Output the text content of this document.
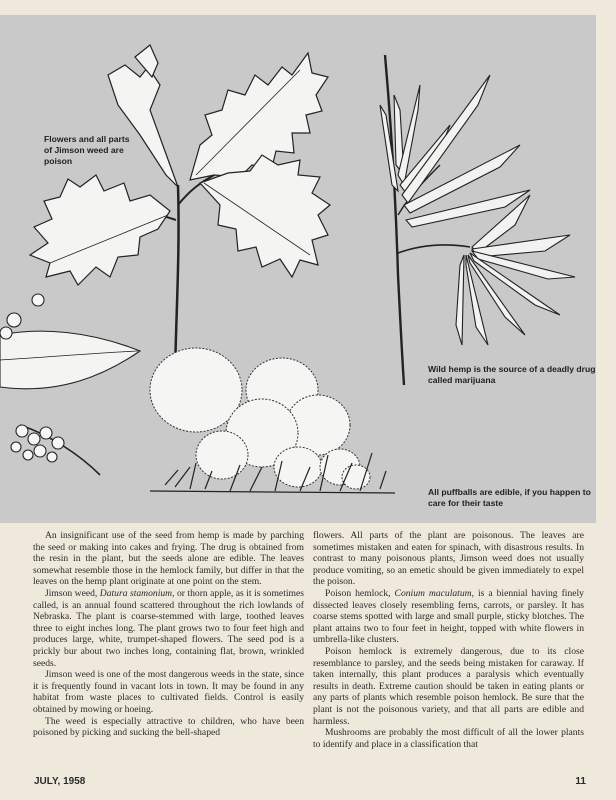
Flowers and all parts of Jimson weed are poison
Wild hemp is the source of a deadly drug called marijuana
All puffballs are edible, if you happen to care for their taste

An insignificant use of the seed from hemp is made by parching the seed or making into cakes and frying. The drug is obtained from the resin in the plant, but the seeds alone are edible. The leaves somewhat resemble those in the hemlock family, but differ in that the leaves on the hemp plant originate at one point on the stem.

Jimson weed, Datura stamonium, or thorn apple, as it is sometimes called, is an annual found scattered throughout the rich lowlands of Nebraska. The plant is coarse-stemmed with large, toothed leaves three to eight inches long. The plant grows two to four feet high and produces large, white, trumpet-shaped flowers. The seed pod is a prickly bur about two inches long, containing flat, brown, wrinkled seeds.

Jimson weed is one of the most dangerous weeds in the state, since it is frequently found in vacant lots in town. It may be found in any habitat from waste places to cultivated fields. Control is easily obtained by mowing or hoeing.

The weed is especially attractive to children, who have been poisoned by picking and sucking the bell-shaped

flowers. All parts of the plant are poisonous. The leaves are sometimes mistaken and eaten for spinach, with disastrous results. In contrast to many poisonous plants, Jimson weed does not usually produce vomiting, so an emetic should be given immediately to expel the poison.

Poison hemlock, Conium maculatum, is a biennial having finely dissected leaves closely resembling ferns, carrots, or parsley. It has coarse stems spotted with large and small purple, sticky blotches. The plant attains two to four feet in height, topped with white flowers in umbrella-like clusters.

Poison hemlock is extremely dangerous, due to its close resemblance to parsley, and the seeds being mistaken for caraway. If taken internally, this plant produces a paralysis which eventually results in death. Extreme caution should be taken in eating plants or any parts of plants which resemble poison hemlock. Be sure that the plant is not the poisonous variety, and that all parts are edible and harmless.

Mushrooms are probably the most difficult of all the lower plants to identify and place in a classification that

JULY, 1958	11
